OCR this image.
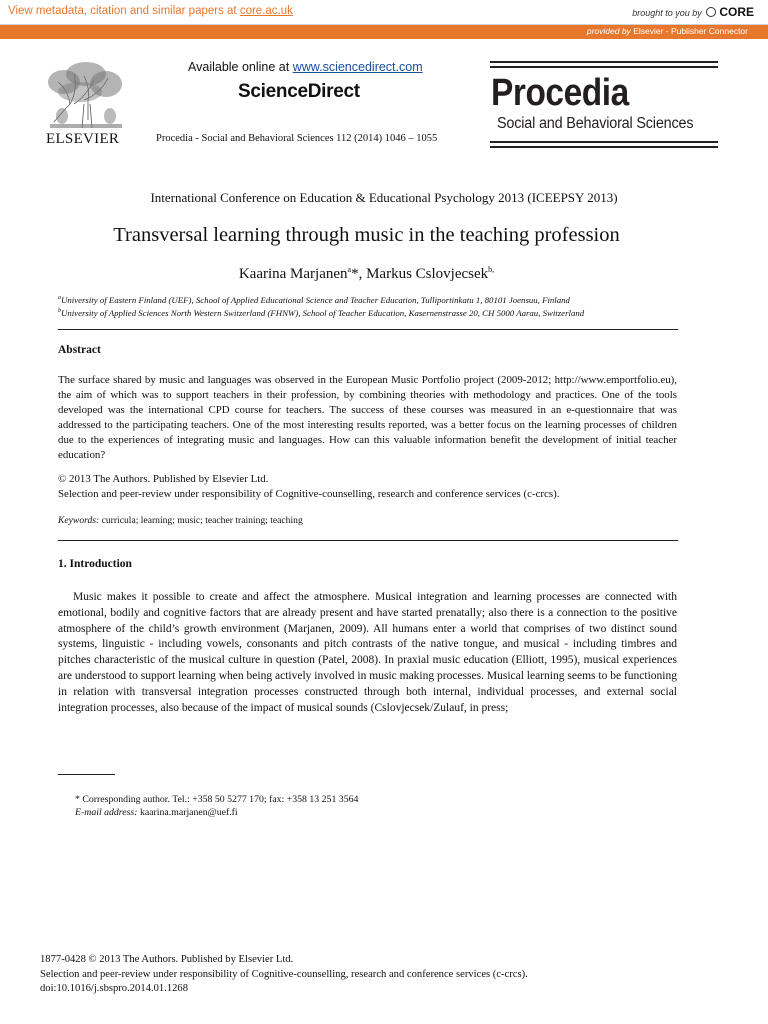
View metadata, citation and similar papers at core.ac.uk	brought to you by CORE
provided by Elsevier - Publisher Connector
ELSEVIER
Available online at www.sciencedirect.com
ScienceDirect
Procedia - Social and Behavioral Sciences 112 (2014) 1046 – 1055
Procedia
Social and Behavioral Sciences
International Conference on Education & Educational Psychology 2013 (ICEEPSY 2013)
Transversal learning through music in the teaching profession
Kaarina Marjanen$^a$*, Markus Cslovjecsek$^{b,}$
$^a$University of Eastern Finland (UEF), School of Applied Educational Science and Teacher Education, Tulliportinkatu 1, 80101 Joensuu, Finland
$^b$University of Applied Sciences North Western Switzerland (FHNW), School of Teacher Education, Kasernenstrasse 20, CH 5000 Aarau, Switzerland
Abstract
The surface shared by music and languages was observed in the European Music Portfolio project (2009-2012; http://www.emportfolio.eu), the aim of which was to support teachers in their profession, by combining theories with methodology and practices. One of the tools developed was the international CPD course for teachers. The success of these courses was measured in an e-questionnaire that was addressed to the participating teachers. One of the most interesting results reported, was a better focus on the learning processes of children due to the experiences of integrating music and languages. How can this valuable information benefit the development of initial teacher education?
© 2013 The Authors. Published by Elsevier Ltd.
Selection and peer-review under responsibility of Cognitive-counselling, research and conference services (c-crcs).
Keywords: curricula; learning; music; teacher training; teaching
1. Introduction
Music makes it possible to create and affect the atmosphere. Musical integration and learning processes are connected with emotional, bodily and cognitive factors that are already present and have started prenatally; also there is a connection to the positive atmosphere of the child’s growth environment (Marjanen, 2009). All humans enter a world that comprises of two distinct sound systems, linguistic - including vowels, consonants and pitch contrasts of the native tongue, and musical - including timbres and pitches characteristic of the musical culture in question (Patel, 2008). In praxial music education (Elliott, 1995), musical experiences are understood to support learning when being actively involved in music making processes. Musical learning seems to be functioning in relation with transversal integration processes constructed through both internal, individual processes, and external social integration processes, also because of the impact of musical sounds (Cslovjecsek/Zulauf, in press;
* Corresponding author. Tel.: +358 50 5277 170; fax: +358 13 251 3564
E-mail address: kaarina.marjanen@uef.fi
1877-0428 © 2013 The Authors. Published by Elsevier Ltd.
Selection and peer-review under responsibility of Cognitive-counselling, research and conference services (c-crcs).
doi:10.1016/j.sbspro.2014.01.1268
